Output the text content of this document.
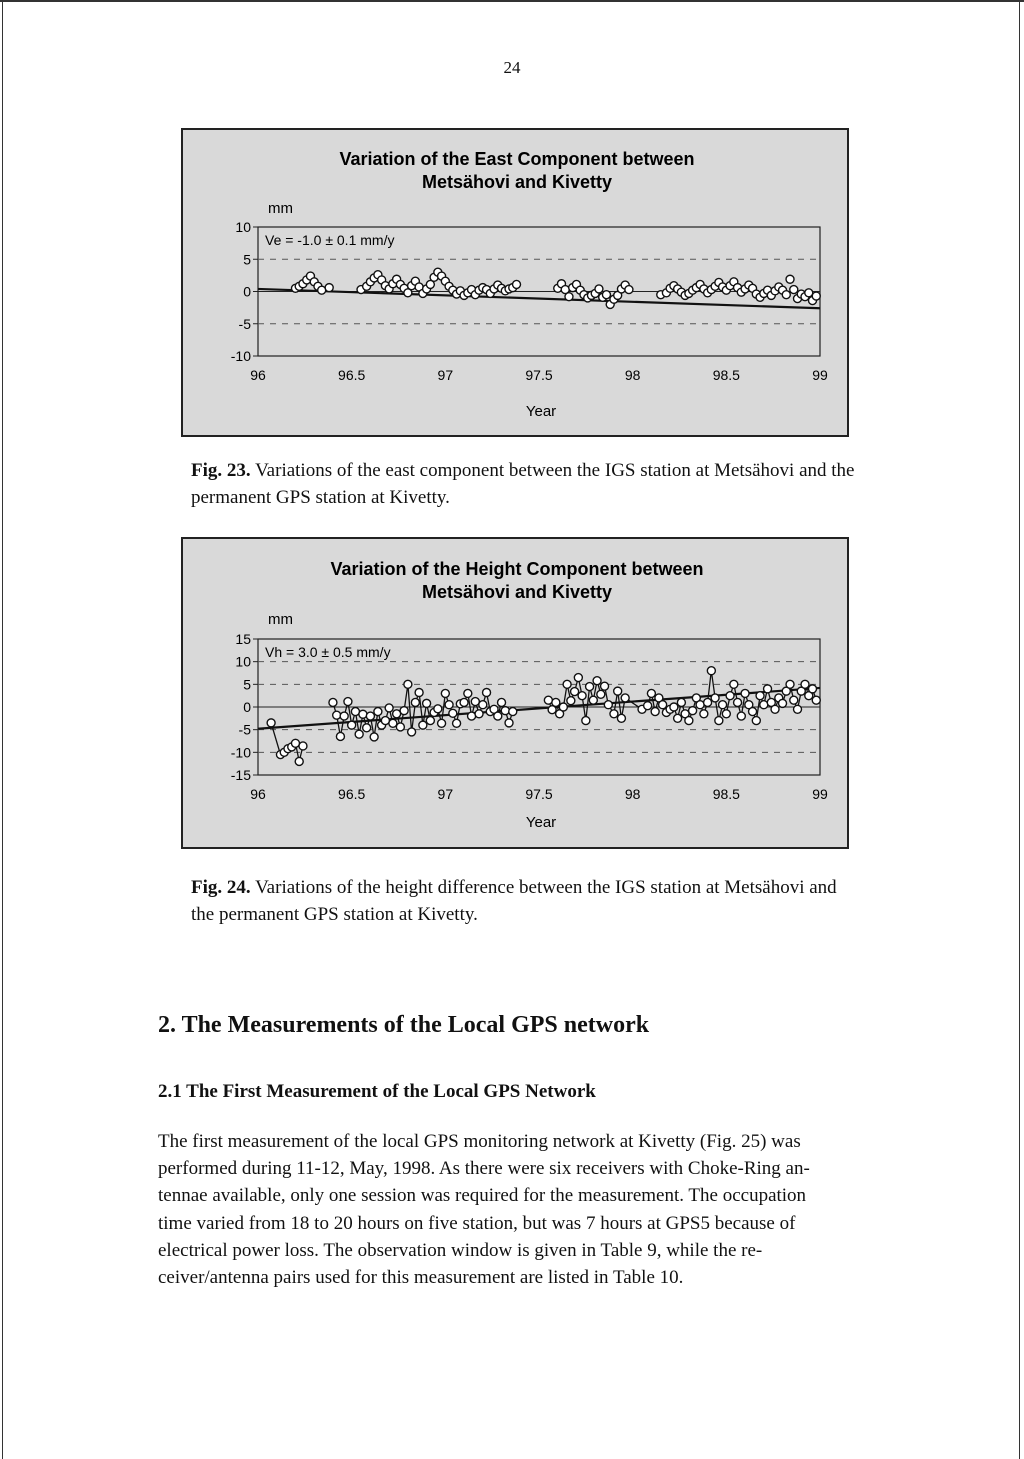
24
Variation of the East Component between
Metsähovi and Kivetty
mm
Year
10
5
0
-5
-10
96	96.5	97	97.5	98	98.5	99
Ve = -1.0 ± 0.1 mm/y
Fig. 23. Variations of the east component between the IGS station at Metsähovi and the permanent GPS station at Kivetty.
Variation of the Height Component between
Metsähovi and Kivetty
mm
Year
15
10
5
0
-5
-10
-15
96	96.5	97	97.5	98	98.5	99
Vh = 3.0 ± 0.5 mm/y
Fig. 24. Variations of the height difference between the IGS station at Metsähovi and the permanent GPS station at Kivetty.
2. The Measurements of the Local GPS network
2.1 The First Measurement of the Local GPS Network
The first measurement of the local GPS monitoring network at Kivetty (Fig. 25) was
performed during 11-12, May, 1998. As there were six receivers with Choke-Ring an-
tennae available, only one session was required for the measurement. The occupation
time varied from 18 to 20 hours on five station, but was 7 hours at GPS5 because of
electrical power loss. The observation window is given in Table 9, while the re-
ceiver/antenna pairs used for this measurement are listed in Table 10.
